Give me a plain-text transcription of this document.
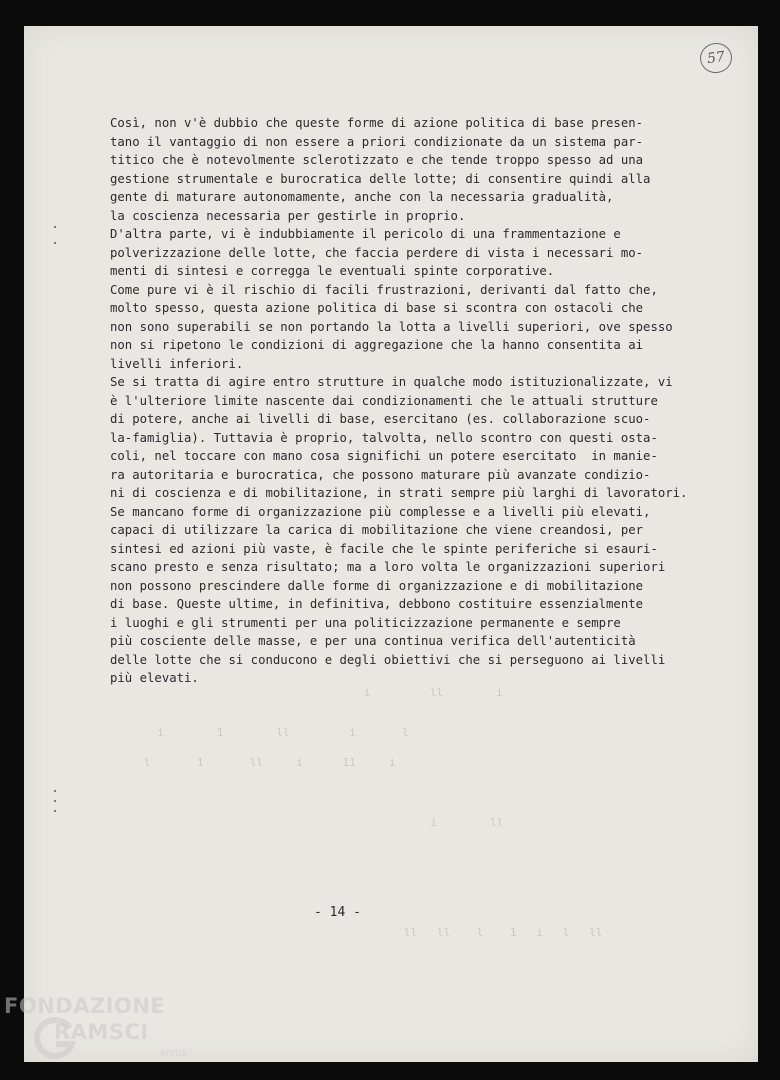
57
Così, non v'è dubbio che queste forme di azione politica di base presen-
tano il vantaggio di non essere a priori condizionate da un sistema par-
titico che è notevolmente sclerotizzato e che tende troppo spesso ad una
gestione strumentale e burocratica delle lotte; di consentire quindi alla
gente di maturare autonomamente, anche con la necessaria gradualità,
la coscienza necessaria per gestirle in proprio.
D'altra parte, vi è indubbiamente il pericolo di una frammentazione e
polverizzazione delle lotte, che faccia perdere di vista i necessari mo-
menti di sintesi e corregga le eventuali spinte corporative.
Come pure vi è il rischio di facili frustrazioni, derivanti dal fatto che,
molto spesso, questa azione politica di base si scontra con ostacoli che
non sono superabili se non portando la lotta a livelli superiori, ove spesso
non si ripetono le condizioni di aggregazione che la hanno consentita ai
livelli inferiori.
Se si tratta di agire entro strutture in qualche modo istituzionalizzate, vi
è l'ulteriore limite nascente dai condizionamenti che le attuali strutture
di potere, anche ai livelli di base, esercitano (es. collaborazione scuo-
la-famiglia). Tuttavia è proprio, talvolta, nello scontro con questi osta-
coli, nel toccare con mano cosa significhi un potere esercitato  in manie-
ra autoritaria e burocratica, che possono maturare più avanzate condizio-
ni di coscienza e di mobilitazione, in strati sempre più larghi di lavoratori.
Se mancano forme di organizzazione più complesse e a livelli più elevati,
capaci di utilizzare la carica di mobilitazione che viene creandosi, per
sintesi ed azioni più vaste, è facile che le spinte periferiche si esauri-
scano presto e senza risultato; ma a loro volta le organizzazioni superiori
non possono prescindere dalle forme di organizzazione e di mobilitazione
di base. Queste ultime, in definitiva, debbono costituire essenzialmente
i luoghi e gli strumenti per una politicizzazione permanente e sempre
più cosciente delle masse, e per una continua verifica dell'autenticità
delle lotte che si conducono e degli obiettivi che si perseguono ai livelli
più elevati.
i         ll        i
i        1        ll         i       l
l       1       ll     i      11     i
i        ll
ll   ll    l    1   i   l   ll
- 14 -
FONDAZIONE
RAMSCI
onlus
